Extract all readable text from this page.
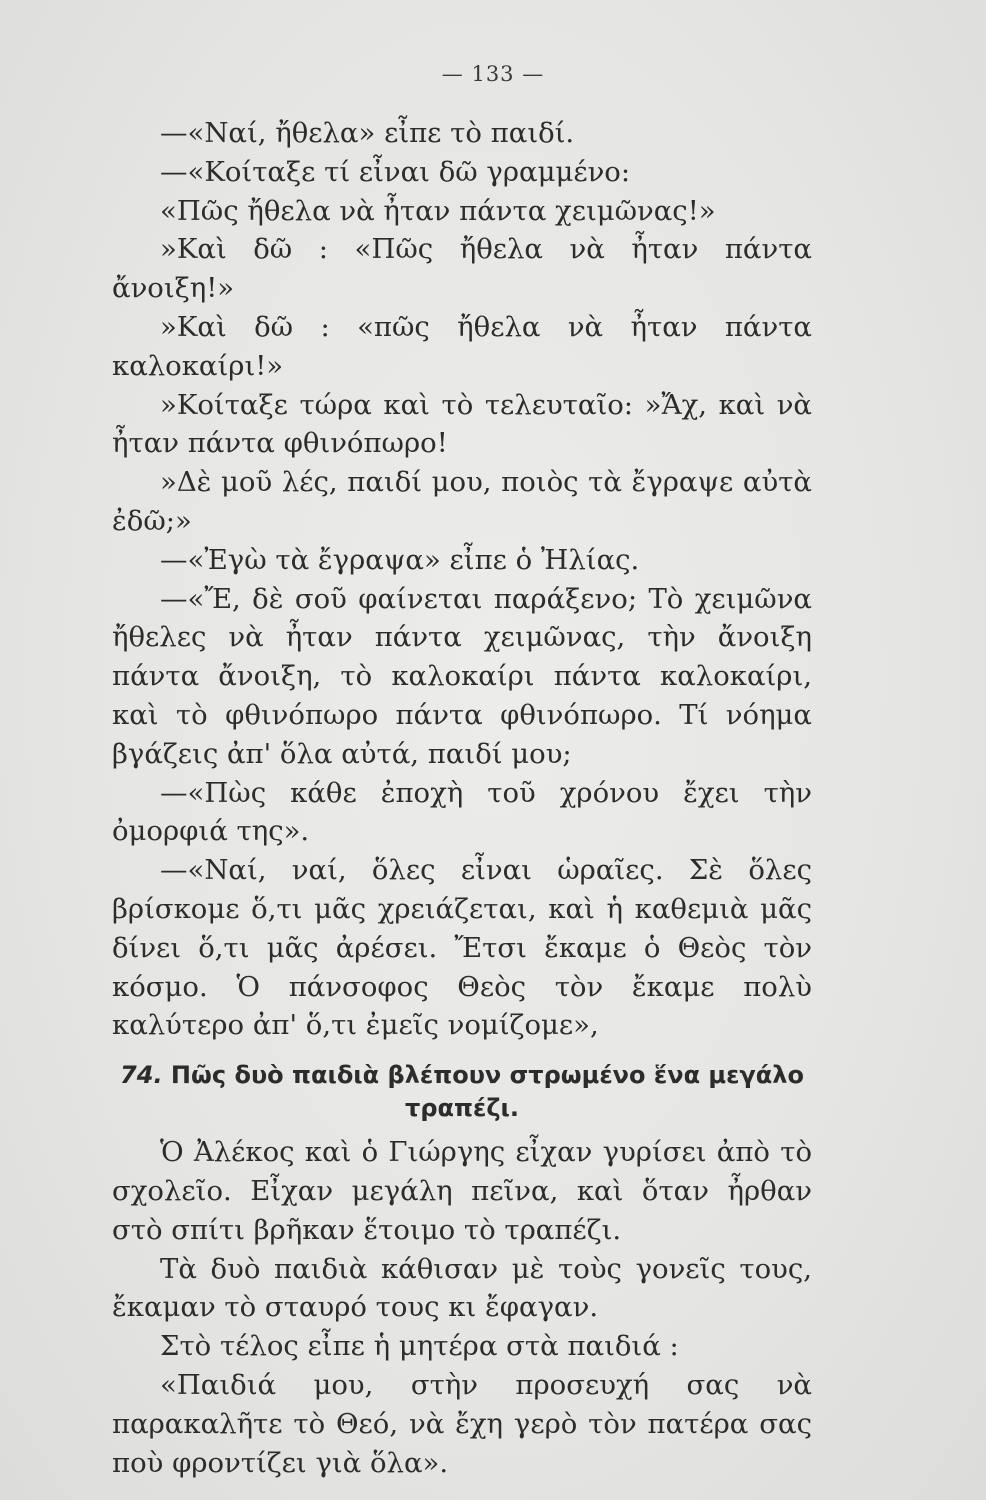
— 133 —

—«Ναί, ἤθελα» εἶπε τὸ παιδί.

—«Κοίταξε τί εἶναι δῶ γραμμένο:

«Πῶς ἤθελα νὰ ἦταν πάντα χειμῶνας!»

»Καὶ δῶ : «Πῶς ἤθελα νὰ ἦταν πάντα ἄνοιξη!»

»Καὶ δῶ : «πῶς ἤθελα νὰ ἦταν πάντα καλοκαίρι!»

»Κοίταξε τώρα καὶ τὸ τελευταῖο: »Ἄχ, καὶ νὰ ἦταν πάντα φθινόπωρο!

»Δὲ μοῦ λές, παιδί μου, ποιὸς τὰ ἔγραψε αὐτὰ ἐδῶ;»

—«Ἐγὼ τὰ ἔγραψα» εἶπε ὁ Ἠλίας.

—«Ἔ, δὲ σοῦ φαίνεται παράξενο; Τὸ χειμῶνα ἤθελες νὰ ἦταν πάντα χειμῶνας, τὴν ἄνοιξη πάντα ἄνοιξη, τὸ καλοκαίρι πάντα καλοκαίρι, καὶ τὸ φθινόπωρο πάντα φθινόπωρο. Τί νόημα βγάζεις ἀπ' ὅλα αὐτά, παιδί μου;

—«Πὼς κάθε ἐποχὴ τοῦ χρόνου ἔχει τὴν ὀμορφιά της».

—«Ναί, ναί, ὅλες εἶναι ὡραῖες. Σὲ ὅλες βρίσκομε ὅ,τι μᾶς χρειάζεται, καὶ ἡ καθεμιὰ μᾶς δίνει ὅ,τι μᾶς ἀρέσει. Ἔτσι ἔκαμε ὁ Θεὸς τὸν κόσμο. Ὁ πάνσοφος Θεὸς τὸν ἔκαμε πολὺ καλύτερο ἀπ' ὅ,τι ἐμεῖς νομίζομε»,

74. Πῶς δυὸ παιδιὰ βλέπουν στρωμένο ἕνα μεγάλο τραπέζι.

Ὁ Ἀλέκος καὶ ὁ Γιώργης εἶχαν γυρίσει ἀπὸ τὸ σχολεῖο. Εἶχαν μεγάλη πεῖνα, καὶ ὅταν ἦρθαν στὸ σπίτι βρῆκαν ἕτοιμο τὸ τραπέζι.

Τὰ δυὸ παιδιὰ κάθισαν μὲ τοὺς γονεῖς τους, ἔκαμαν τὸ σταυρό τους κι ἔφαγαν.

Στὸ τέλος εἶπε ἡ μητέρα στὰ παιδιά :

«Παιδιά μου, στὴν προσευχή σας νὰ παρακαλῆτε τὸ Θεό, νὰ ἔχη γερὸ τὸν πατέρα σας ποὺ φροντίζει γιὰ ὅλα».
